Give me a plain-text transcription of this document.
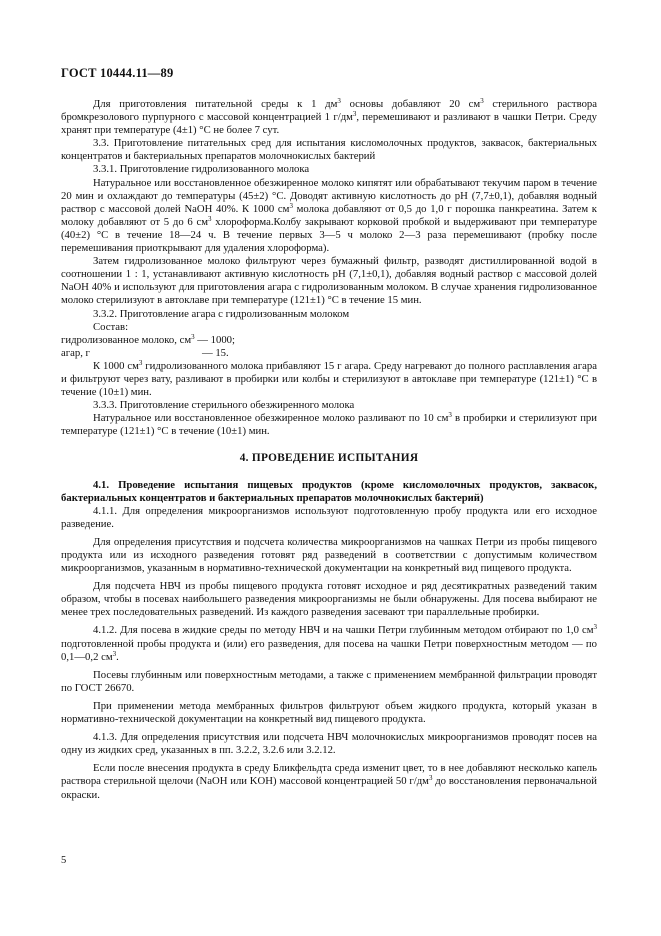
ГОСТ 10444.11—89

Для приготовления питательной среды к 1 $дм^3$ основы добавляют 20 $см^3$ стерильного раствора бромкрезолового пурпурного с массовой концентрацией 1 $г/дм^3$, перемешивают и разливают в чашки Петри. Среду хранят при температуре (4±1) °С не более 7 сут.

3.3. Приготовление питательных сред для испытания кисломолочных продуктов, заквасок, бактериальных концентратов и бактериальных препаратов молочнокислых бактерий

3.3.1. Приготовление гидролизованного молока

Натуральное или восстановленное обезжиренное молоко кипятят или обрабатывают текучим паром в течение 20 мин и охлаждают до температуры (45±2) °С. Доводят активную кислотность до рН (7,7±0,1), добавляя водный раствор с массовой долей NaOH 40%. К 1000 $см^3$ молока добавляют от 0,5 до 1,0 г порошка панкреатина. Затем к молоку добавляют от 5 до 6 $см^3$ хлороформа.Колбу закрывают корковой пробкой и выдерживают при температуре (40±2) °С в течение 18—24 ч. В течение первых 3—5 ч молоко 2—3 раза перемешивают (пробку после перемешивания приоткрывают для удаления хлороформа).

Затем гидролизованное молоко фильтруют через бумажный фильтр, разводят дистиллированной водой в соотношении 1 : 1, устанавливают активную кислотность рН (7,1±0,1), добавляя водный раствор с массовой долей NaOH 40% и используют для приготовления агара с гидролизованным молоком. В случае хранения гидролизованное молоко стерилизуют в автоклаве при температуре (121±1) °С в течение 15 мин.

3.3.2. Приготовление агара с гидролизованным молоком

Состав:

гидролизованное молоко, $см^3$ — 1000;

агар, г	— 15.

К 1000 $см^3$ гидролизованного молока прибавляют 15 г агара. Среду нагревают до полного расплавления агара и фильтруют через вату, разливают в пробирки или колбы и стерилизуют в автоклаве при температуре (121±1) °С в течение (10±1) мин.

3.3.3. Приготовление стерильного обезжиренного молока

Натуральное или восстановленное обезжиренное молоко разливают по 10 $см^3$ в пробирки и стерилизуют при температуре (121±1) °С в течение (10±1) мин.

4. ПРОВЕДЕНИЕ ИСПЫТАНИЯ

4.1. Проведение испытания пищевых продуктов (кроме кисломолочных продуктов, заквасок, бактериальных концентратов и бактериальных препаратов молочнокислых бактерий)

4.1.1. Для определения микроорганизмов используют подготовленную пробу продукта или его исходное разведение.

Для определения присутствия и подсчета количества микроорганизмов на чашках Петри из пробы пищевого продукта или из исходного разведения готовят ряд разведений в соответствии с допустимым количеством микроорганизмов, указанным в нормативно-технической документации на конкретный вид пищевого продукта.

Для подсчета НВЧ из пробы пищевого продукта готовят исходное и ряд десятикратных разведений таким образом, чтобы в посевах наибольшего разведения микроорганизмы не были обнаружены. Для посева выбирают не менее трех последовательных разведений. Из каждого разведения засевают три параллельные пробирки.

4.1.2. Для посева в жидкие среды по методу НВЧ и на чашки Петри глубинным методом отбирают по 1,0 $см^3$ подготовленной пробы продукта и (или) его разведения, для посева на чашки Петри поверхностным методом — по 0,1—0,2 $см^3$.

Посевы глубинным или поверхностным методами, а также с применением мембранной фильтрации проводят по ГОСТ 26670.

При применении метода мембранных фильтров фильтруют объем жидкого продукта, который указан в нормативно-технической документации на конкретный вид пищевого продукта.

4.1.3. Для определения присутствия или подсчета НВЧ молочнокислых микроорганизмов проводят посев на одну из жидких сред, указанных в пп. 3.2.2, 3.2.6 или 3.2.12.

Если после внесения продукта в среду Бликфельдта среда изменит цвет, то в нее добавляют несколько капель раствора стерильной щелочи (NaOH или KOH) массовой концентрацией 50 $г/дм^3$ до восстановления первоначальной окраски.

5
